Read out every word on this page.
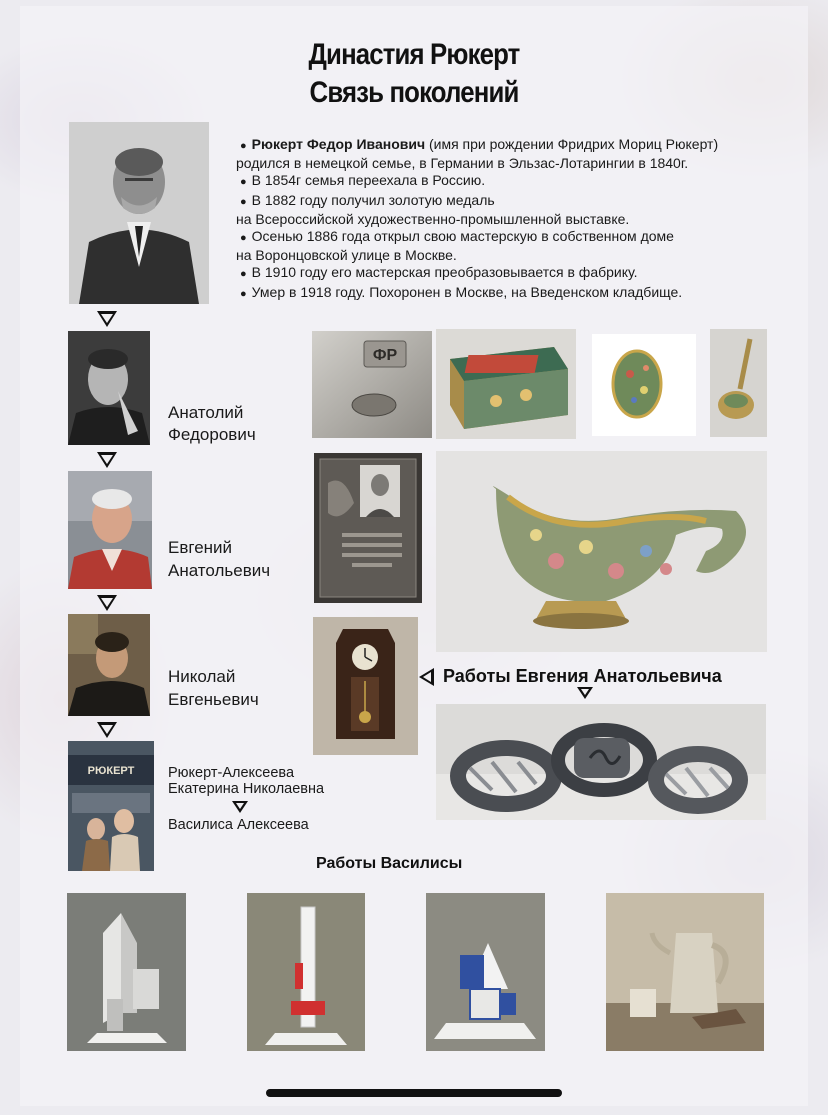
Династия Рюкерт
Связь поколений
● Рюкерт Федор Иванович (имя при рождении Фридрих Мориц Рюкерт)
родился в немецкой семье, в Германии в Эльзас-Лотарингии в 1840г.
● В 1854г семья переехала в Россию.
● В 1882 году получил золотую медаль
на Всероссийской художественно-промышленной выставке.
● Осенью 1886 года открыл свою мастерскую в собственном доме
на Воронцовской улице в Москве.
● В 1910 году его мастерская преобразовывается в фабрику.
● Умер в 1918 году. Похоронен в Москве, на Введенском кладбище.
Анатолий
Федорович
Евгений
Анатольевич
Николай
Евгеньевич
РЮКЕРТ Рюкерт-Алексеева
Екатерина Николаевна
Василиса Алексеева
ФР
Работы Евгения Анатольевича
Работы Василисы
